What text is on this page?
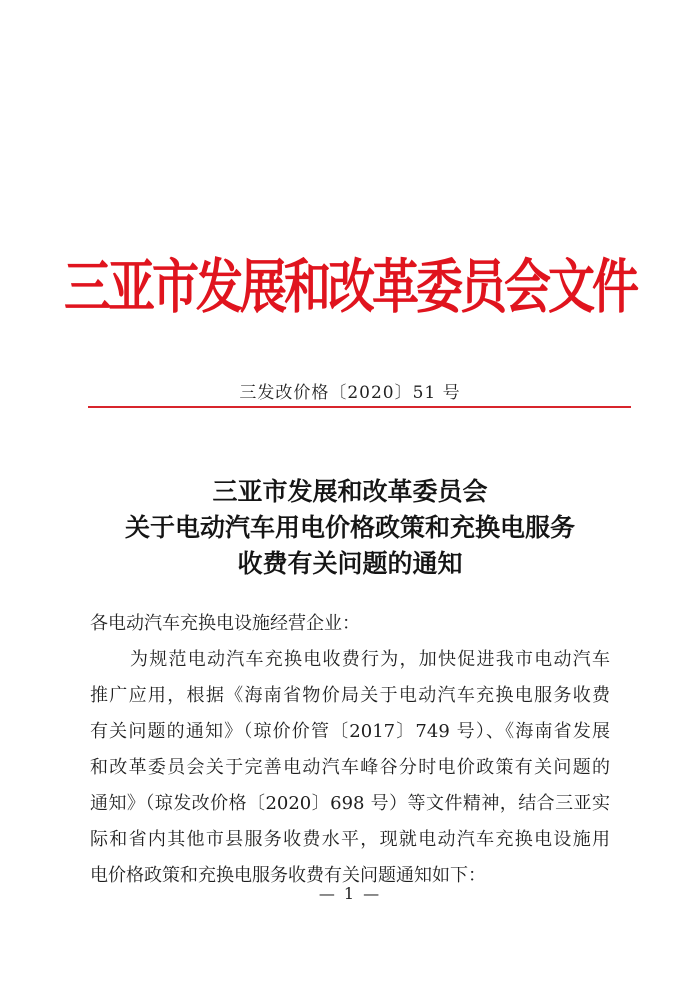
三亚市发展和改革委员会文件
三发改价格〔2020〕51 号
三亚市发展和改革委员会
关于电动汽车用电价格政策和充换电服务
收费有关问题的通知
各电动汽车充换电设施经营企业：
为规范电动汽车充换电收费行为，加快促进我市电动汽车
推广应用，根据《海南省物价局关于电动汽车充换电服务收费
有关问题的通知》（琼价价管〔2017〕749 号）、《海南省发展
和改革委员会关于完善电动汽车峰谷分时电价政策有关问题的
通知》（琼发改价格〔2020〕698 号）等文件精神，结合三亚实
际和省内其他市县服务收费水平，现就电动汽车充换电设施用
电价格政策和充换电服务收费有关问题通知如下：
— 1 —
